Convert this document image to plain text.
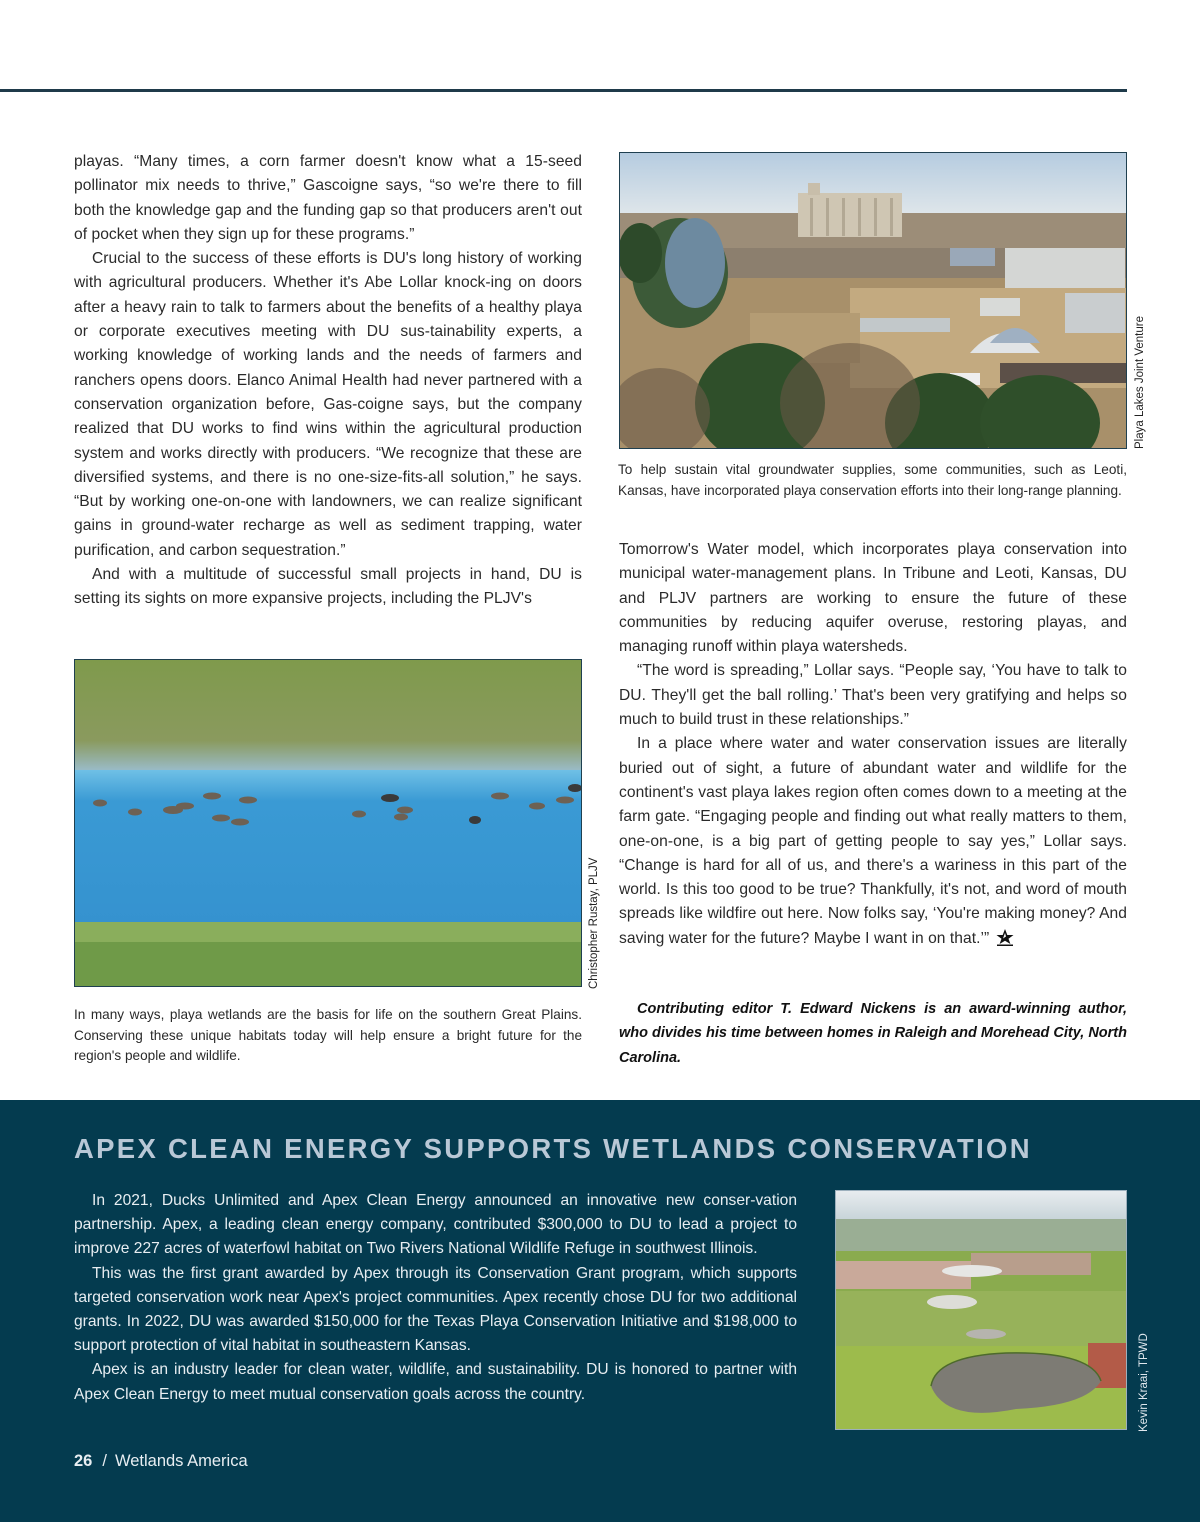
playas. “Many times, a corn farmer doesn't know what a 15-seed pollinator mix needs to thrive,” Gascoigne says, “so we're there to fill both the knowledge gap and the funding gap so that producers aren't out of pocket when they sign up for these programs.”

Crucial to the success of these efforts is DU's long history of working with agricultural producers. Whether it's Abe Lollar knock-ing on doors after a heavy rain to talk to farmers about the benefits of a healthy playa or corporate executives meeting with DU sus-tainability experts, a working knowledge of working lands and the needs of farmers and ranchers opens doors. Elanco Animal Health had never partnered with a conservation organization before, Gas-coigne says, but the company realized that DU works to find wins within the agricultural production system and works directly with producers. “We recognize that these are diversified systems, and there is no one-size-fits-all solution,” he says. “But by working one-on-one with landowners, we can realize significant gains in ground-water recharge as well as sediment trapping, water purification, and carbon sequestration.”

And with a multitude of successful small projects in hand, DU is setting its sights on more expansive projects, including the PLJV's

Playa Lakes Joint Venture
To help sustain vital groundwater supplies, some communities, such as Leoti, Kansas, have incorporated playa conservation efforts into their long-range planning.

Tomorrow's Water model, which incorporates playa conservation into municipal water-management plans. In Tribune and Leoti, Kansas, DU and PLJV partners are working to ensure the future of these communities by reducing aquifer overuse, restoring playas, and managing runoff within playa watersheds.

“The word is spreading,” Lollar says. “People say, ‘You have to talk to DU. They'll get the ball rolling.’ That's been very gratifying and helps so much to build trust in these relationships.”

In a place where water and water conservation issues are literally buried out of sight, a future of abundant water and wildlife for the continent's vast playa lakes region often comes down to a meeting at the farm gate. “Engaging people and finding out what really matters to them, one-on-one, is a big part of getting people to say yes,” Lollar says. “Change is hard for all of us, and there's a wariness in this part of the world. Is this too good to be true? Thankfully, it's not, and word of mouth spreads like wildfire out here. Now folks say, ‘You're making money? And saving water for the future? Maybe I want in on that.’”

Christopher Rustay, PLJV
In many ways, playa wetlands are the basis for life on the southern Great Plains. Conserving these unique habitats today will help ensure a bright future for the region's people and wildlife.

Contributing editor T. Edward Nickens is an award-winning author, who divides his time between homes in Raleigh and Morehead City, North Carolina.

APEX CLEAN ENERGY SUPPORTS WETLANDS CONSERVATION

In 2021, Ducks Unlimited and Apex Clean Energy announced an innovative new conser-vation partnership. Apex, a leading clean energy company, contributed $300,000 to DU to lead a project to improve 227 acres of waterfowl habitat on Two Rivers National Wildlife Refuge in southwest Illinois.

This was the first grant awarded by Apex through its Conservation Grant program, which supports targeted conservation work near Apex's project communities. Apex recently chose DU for two additional grants. In 2022, DU was awarded $150,000 for the Texas Playa Conservation Initiative and $198,000 to support protection of vital habitat in southeastern Kansas.

Apex is an industry leader for clean water, wildlife, and sustainability. DU is honored to partner with Apex Clean Energy to meet mutual conservation goals across the country.

26 / Wetlands America
Kevin Kraai, TPWD
